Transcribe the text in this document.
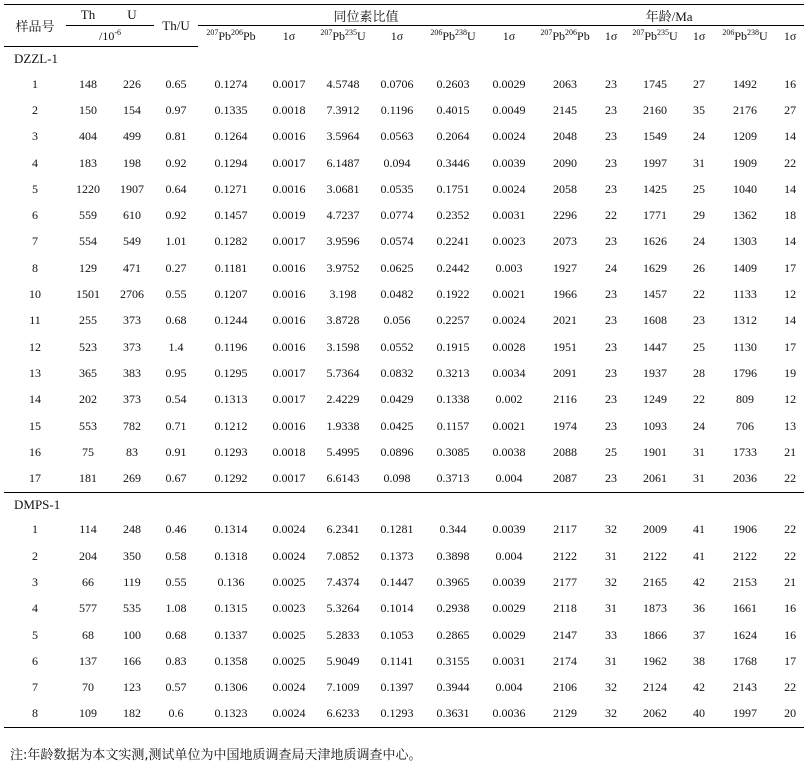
样品号	Th	U	Th/U	同位素比值						年龄/Ma					
	$/10^{-6}$			$^{207}$Pb$^{206}$Pb	1σ	$^{207}$Pb$^{235}$U	1σ	$^{206}$Pb$^{238}$U	1σ	$^{207}$Pb$^{206}$Pb	1σ	$^{207}$Pb$^{235}$U	1σ	$^{206}$Pb$^{238}$U	1σ
DZZL-1															
1	148	226	0.65	0.1274	0.0017	4.5748	0.0706	0.2603	0.0029	2063	23	1745	27	1492	16
2	150	154	0.97	0.1335	0.0018	7.3912	0.1196	0.4015	0.0049	2145	23	2160	35	2176	27
3	404	499	0.81	0.1264	0.0016	3.5964	0.0563	0.2064	0.0024	2048	23	1549	24	1209	14
4	183	198	0.92	0.1294	0.0017	6.1487	0.094	0.3446	0.0039	2090	23	1997	31	1909	22
5	1220	1907	0.64	0.1271	0.0016	3.0681	0.0535	0.1751	0.0024	2058	23	1425	25	1040	14
6	559	610	0.92	0.1457	0.0019	4.7237	0.0774	0.2352	0.0031	2296	22	1771	29	1362	18
7	554	549	1.01	0.1282	0.0017	3.9596	0.0574	0.2241	0.0023	2073	23	1626	24	1303	14
8	129	471	0.27	0.1181	0.0016	3.9752	0.0625	0.2442	0.003	1927	24	1629	26	1409	17
10	1501	2706	0.55	0.1207	0.0016	3.198	0.0482	0.1922	0.0021	1966	23	1457	22	1133	12
11	255	373	0.68	0.1244	0.0016	3.8728	0.056	0.2257	0.0024	2021	23	1608	23	1312	14
12	523	373	1.4	0.1196	0.0016	3.1598	0.0552	0.1915	0.0028	1951	23	1447	25	1130	17
13	365	383	0.95	0.1295	0.0017	5.7364	0.0832	0.3213	0.0034	2091	23	1937	28	1796	19
14	202	373	0.54	0.1313	0.0017	2.4229	0.0429	0.1338	0.002	2116	23	1249	22	809	12
15	553	782	0.71	0.1212	0.0016	1.9338	0.0425	0.1157	0.0021	1974	23	1093	24	706	13
16	75	83	0.91	0.1293	0.0018	5.4995	0.0896	0.3085	0.0038	2088	25	1901	31	1733	21
17	181	269	0.67	0.1292	0.0017	6.6143	0.098	0.3713	0.004	2087	23	2061	31	2036	22
DMPS-1															
1	114	248	0.46	0.1314	0.0024	6.2341	0.1281	0.344	0.0039	2117	32	2009	41	1906	22
2	204	350	0.58	0.1318	0.0024	7.0852	0.1373	0.3898	0.004	2122	31	2122	41	2122	22
3	66	119	0.55	0.136	0.0025	7.4374	0.1447	0.3965	0.0039	2177	32	2165	42	2153	21
4	577	535	1.08	0.1315	0.0023	5.3264	0.1014	0.2938	0.0029	2118	31	1873	36	1661	16
5	68	100	0.68	0.1337	0.0025	5.2833	0.1053	0.2865	0.0029	2147	33	1866	37	1624	16
6	137	166	0.83	0.1358	0.0025	5.9049	0.1141	0.3155	0.0031	2174	31	1962	38	1768	17
7	70	123	0.57	0.1306	0.0024	7.1009	0.1397	0.3944	0.004	2106	32	2124	42	2143	22
8	109	182	0.6	0.1323	0.0024	6.6233	0.1293	0.3631	0.0036	2129	32	2062	40	1997	20
注:年龄数据为本文实测,测试单位为中国地质调查局天津地质调查中心。
